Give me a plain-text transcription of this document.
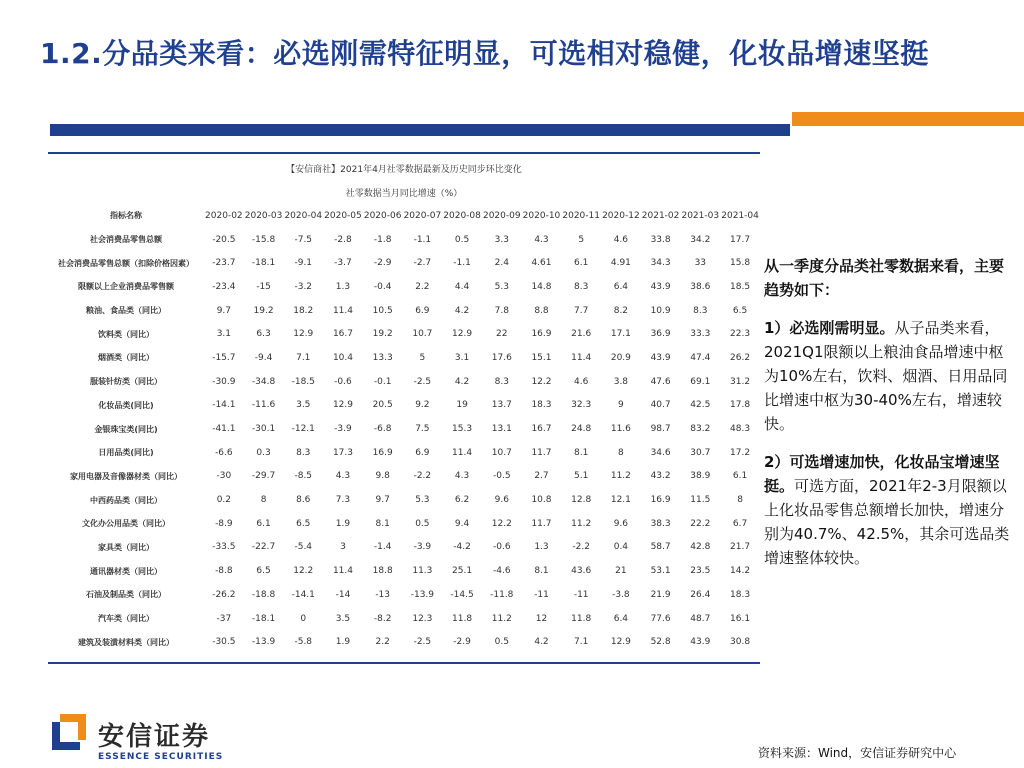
1.2.分品类来看：必选刚需特征明显，可选相对稳健，化妆品增速坚挺
【安信商社】2021年4月社零数据最新及历史同步环比变化
社零数据当月同比增速（%）
指标名称	2020-02	2020-03	2020-04	2020-05	2020-06	2020-07	2020-08	2020-09	2020-10	2020-11	2020-12	2021-02	2021-03	2021-04
社会消费品零售总额	-20.5	-15.8	-7.5	-2.8	-1.8	-1.1	0.5	3.3	4.3	5	4.6	33.8	34.2	17.7
社会消费品零售总额（扣除价格因素）	-23.7	-18.1	-9.1	-3.7	-2.9	-2.7	-1.1	2.4	4.61	6.1	4.91	34.3	33	15.8
限额以上企业消费品零售额	-23.4	-15	-3.2	1.3	-0.4	2.2	4.4	5.3	14.8	8.3	6.4	43.9	38.6	18.5
粮油、食品类（同比）	9.7	19.2	18.2	11.4	10.5	6.9	4.2	7.8	8.8	7.7	8.2	10.9	8.3	6.5
饮料类（同比）	3.1	6.3	12.9	16.7	19.2	10.7	12.9	22	16.9	21.6	17.1	36.9	33.3	22.3
烟酒类（同比）	-15.7	-9.4	7.1	10.4	13.3	5	3.1	17.6	15.1	11.4	20.9	43.9	47.4	26.2
服装针纺类（同比）	-30.9	-34.8	-18.5	-0.6	-0.1	-2.5	4.2	8.3	12.2	4.6	3.8	47.6	69.1	31.2
化妆品类(同比)	-14.1	-11.6	3.5	12.9	20.5	9.2	19	13.7	18.3	32.3	9	40.7	42.5	17.8
金银珠宝类(同比)	-41.1	-30.1	-12.1	-3.9	-6.8	7.5	15.3	13.1	16.7	24.8	11.6	98.7	83.2	48.3
日用品类(同比)	-6.6	0.3	8.3	17.3	16.9	6.9	11.4	10.7	11.7	8.1	8	34.6	30.7	17.2
家用电器及音像器材类（同比）	-30	-29.7	-8.5	4.3	9.8	-2.2	4.3	-0.5	2.7	5.1	11.2	43.2	38.9	6.1
中西药品类（同比）	0.2	8	8.6	7.3	9.7	5.3	6.2	9.6	10.8	12.8	12.1	16.9	11.5	8
文化办公用品类（同比）	-8.9	6.1	6.5	1.9	8.1	0.5	9.4	12.2	11.7	11.2	9.6	38.3	22.2	6.7
家具类（同比）	-33.5	-22.7	-5.4	3	-1.4	-3.9	-4.2	-0.6	1.3	-2.2	0.4	58.7	42.8	21.7
通讯器材类（同比）	-8.8	6.5	12.2	11.4	18.8	11.3	25.1	-4.6	8.1	43.6	21	53.1	23.5	14.2
石油及制品类（同比）	-26.2	-18.8	-14.1	-14	-13	-13.9	-14.5	-11.8	-11	-11	-3.8	21.9	26.4	18.3
汽车类（同比）	-37	-18.1	0	3.5	-8.2	12.3	11.8	11.2	12	11.8	6.4	77.6	48.7	16.1
建筑及装潢材料类（同比）	-30.5	-13.9	-5.8	1.9	2.2	-2.5	-2.9	0.5	4.2	7.1	12.9	52.8	43.9	30.8

从一季度分品类社零数据来看，主要趋势如下：

1）必选刚需明显。从子品类来看，2021Q1限额以上粮油食品增速中枢为10%左右，饮料、烟酒、日用品同比增速中枢为30-40%左右，增速较快。

2）可选增速加快，化妆品宝增速坚挺。可选方面，2021年2-3月限额以上化妆品零售总额增长加快，增速分别为40.7%、42.5%，其余可选品类增速整体较快。

安信证券
ESSENCE SECURITIES	资料来源：Wind，安信证券研究中心
